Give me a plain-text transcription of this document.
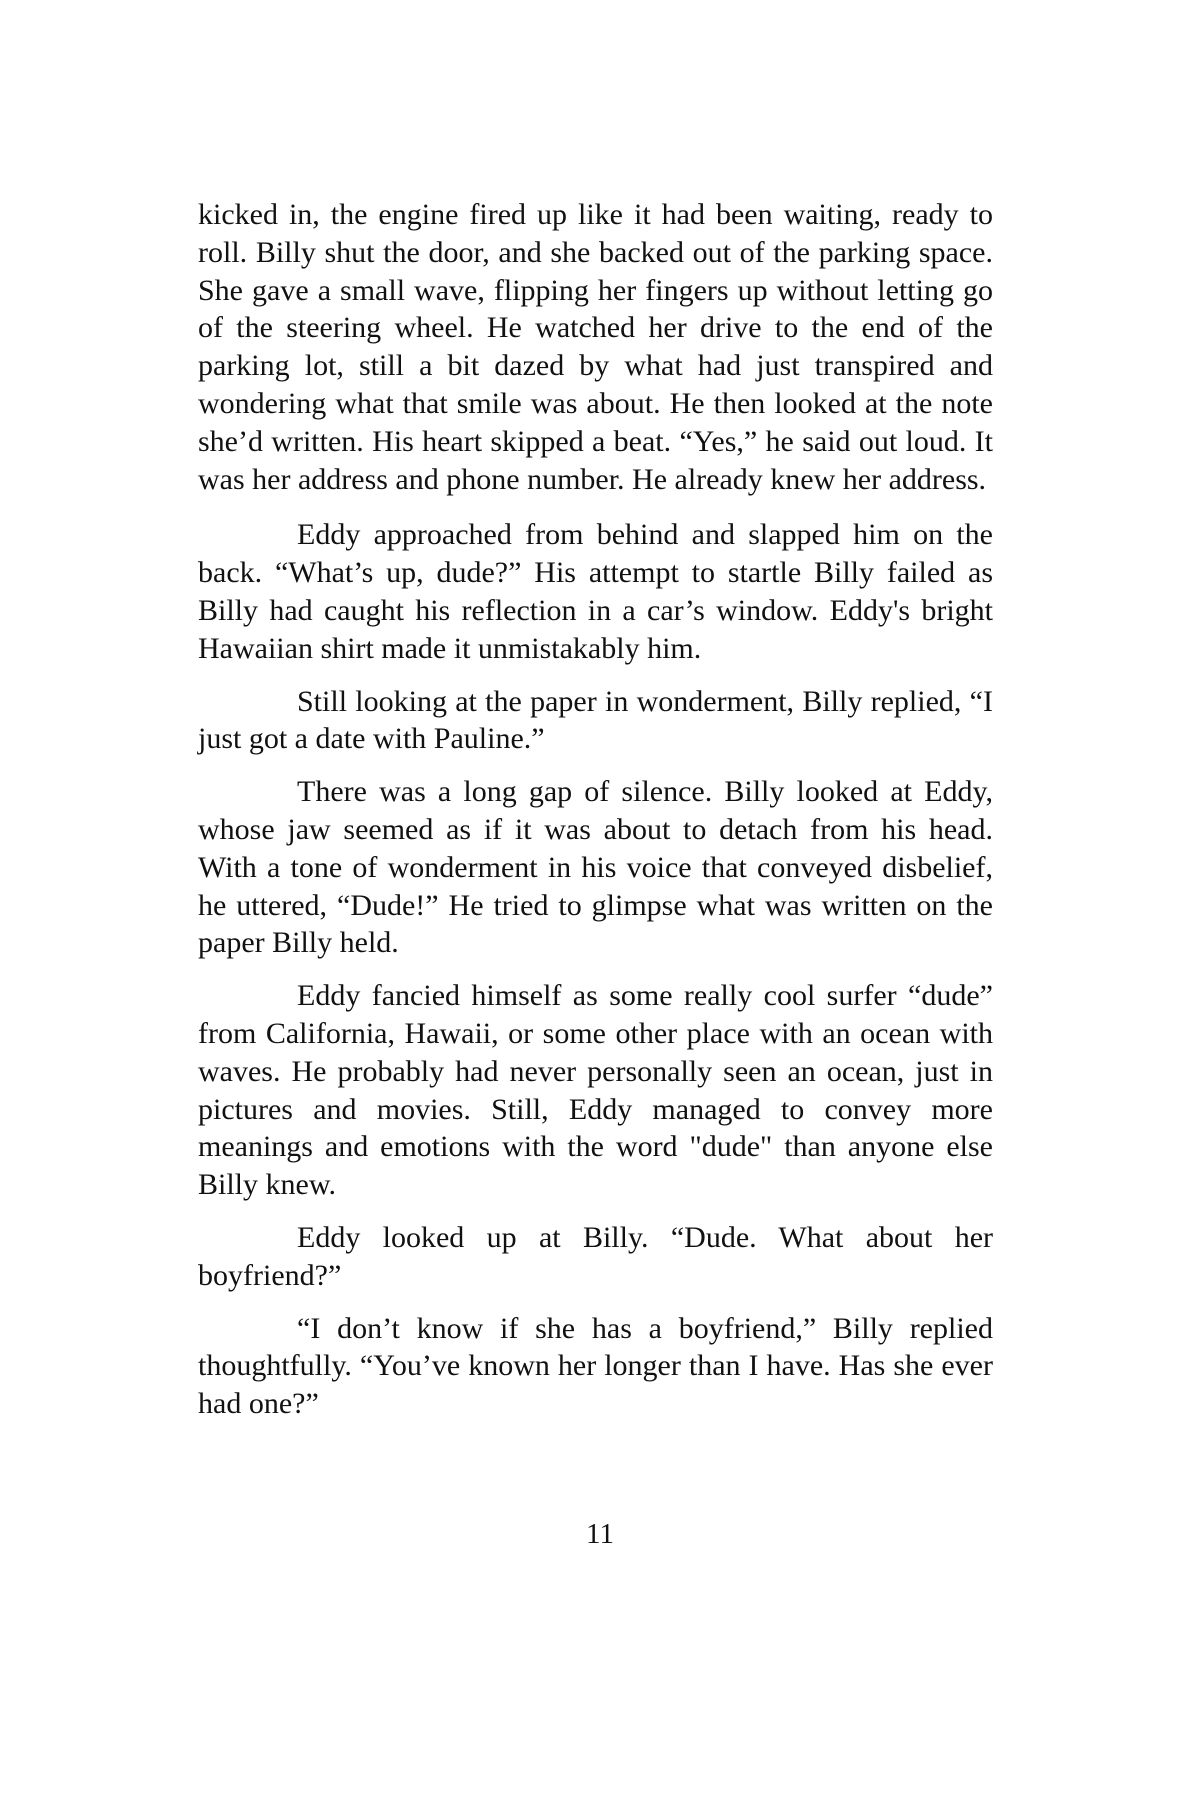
kicked in, the engine fired up like it had been waiting, ready to roll. Billy shut the door, and she backed out of the parking space. She gave a small wave, flipping her fingers up without letting go of the steering wheel. He watched her drive to the end of the parking lot, still a bit dazed by what had just transpired and wondering what that smile was about. He then looked at the note she’d written. His heart skipped a beat. “Yes,” he said out loud. It was her address and phone number. He already knew her address.

Eddy approached from behind and slapped him on the back. “What’s up, dude?” His attempt to startle Billy failed as Billy had caught his reflection in a car’s window. Eddy's bright Hawaiian shirt made it unmistakably him.

Still looking at the paper in wonderment, Billy replied, “I just got a date with Pauline.”

There was a long gap of silence. Billy looked at Eddy, whose jaw seemed as if it was about to detach from his head. With a tone of wonderment in his voice that conveyed disbelief, he uttered, “Dude!” He tried to glimpse what was written on the paper Billy held.

Eddy fancied himself as some really cool surfer “dude” from California, Hawaii, or some other place with an ocean with waves. He probably had never personally seen an ocean, just in pictures and movies. Still, Eddy managed to convey more meanings and emotions with the word "dude" than anyone else Billy knew.

Eddy looked up at Billy. “Dude. What about her boyfriend?”

“I don’t know if she has a boyfriend,” Billy replied thoughtfully. “You’ve known her longer than I have. Has she ever had one?”

11
